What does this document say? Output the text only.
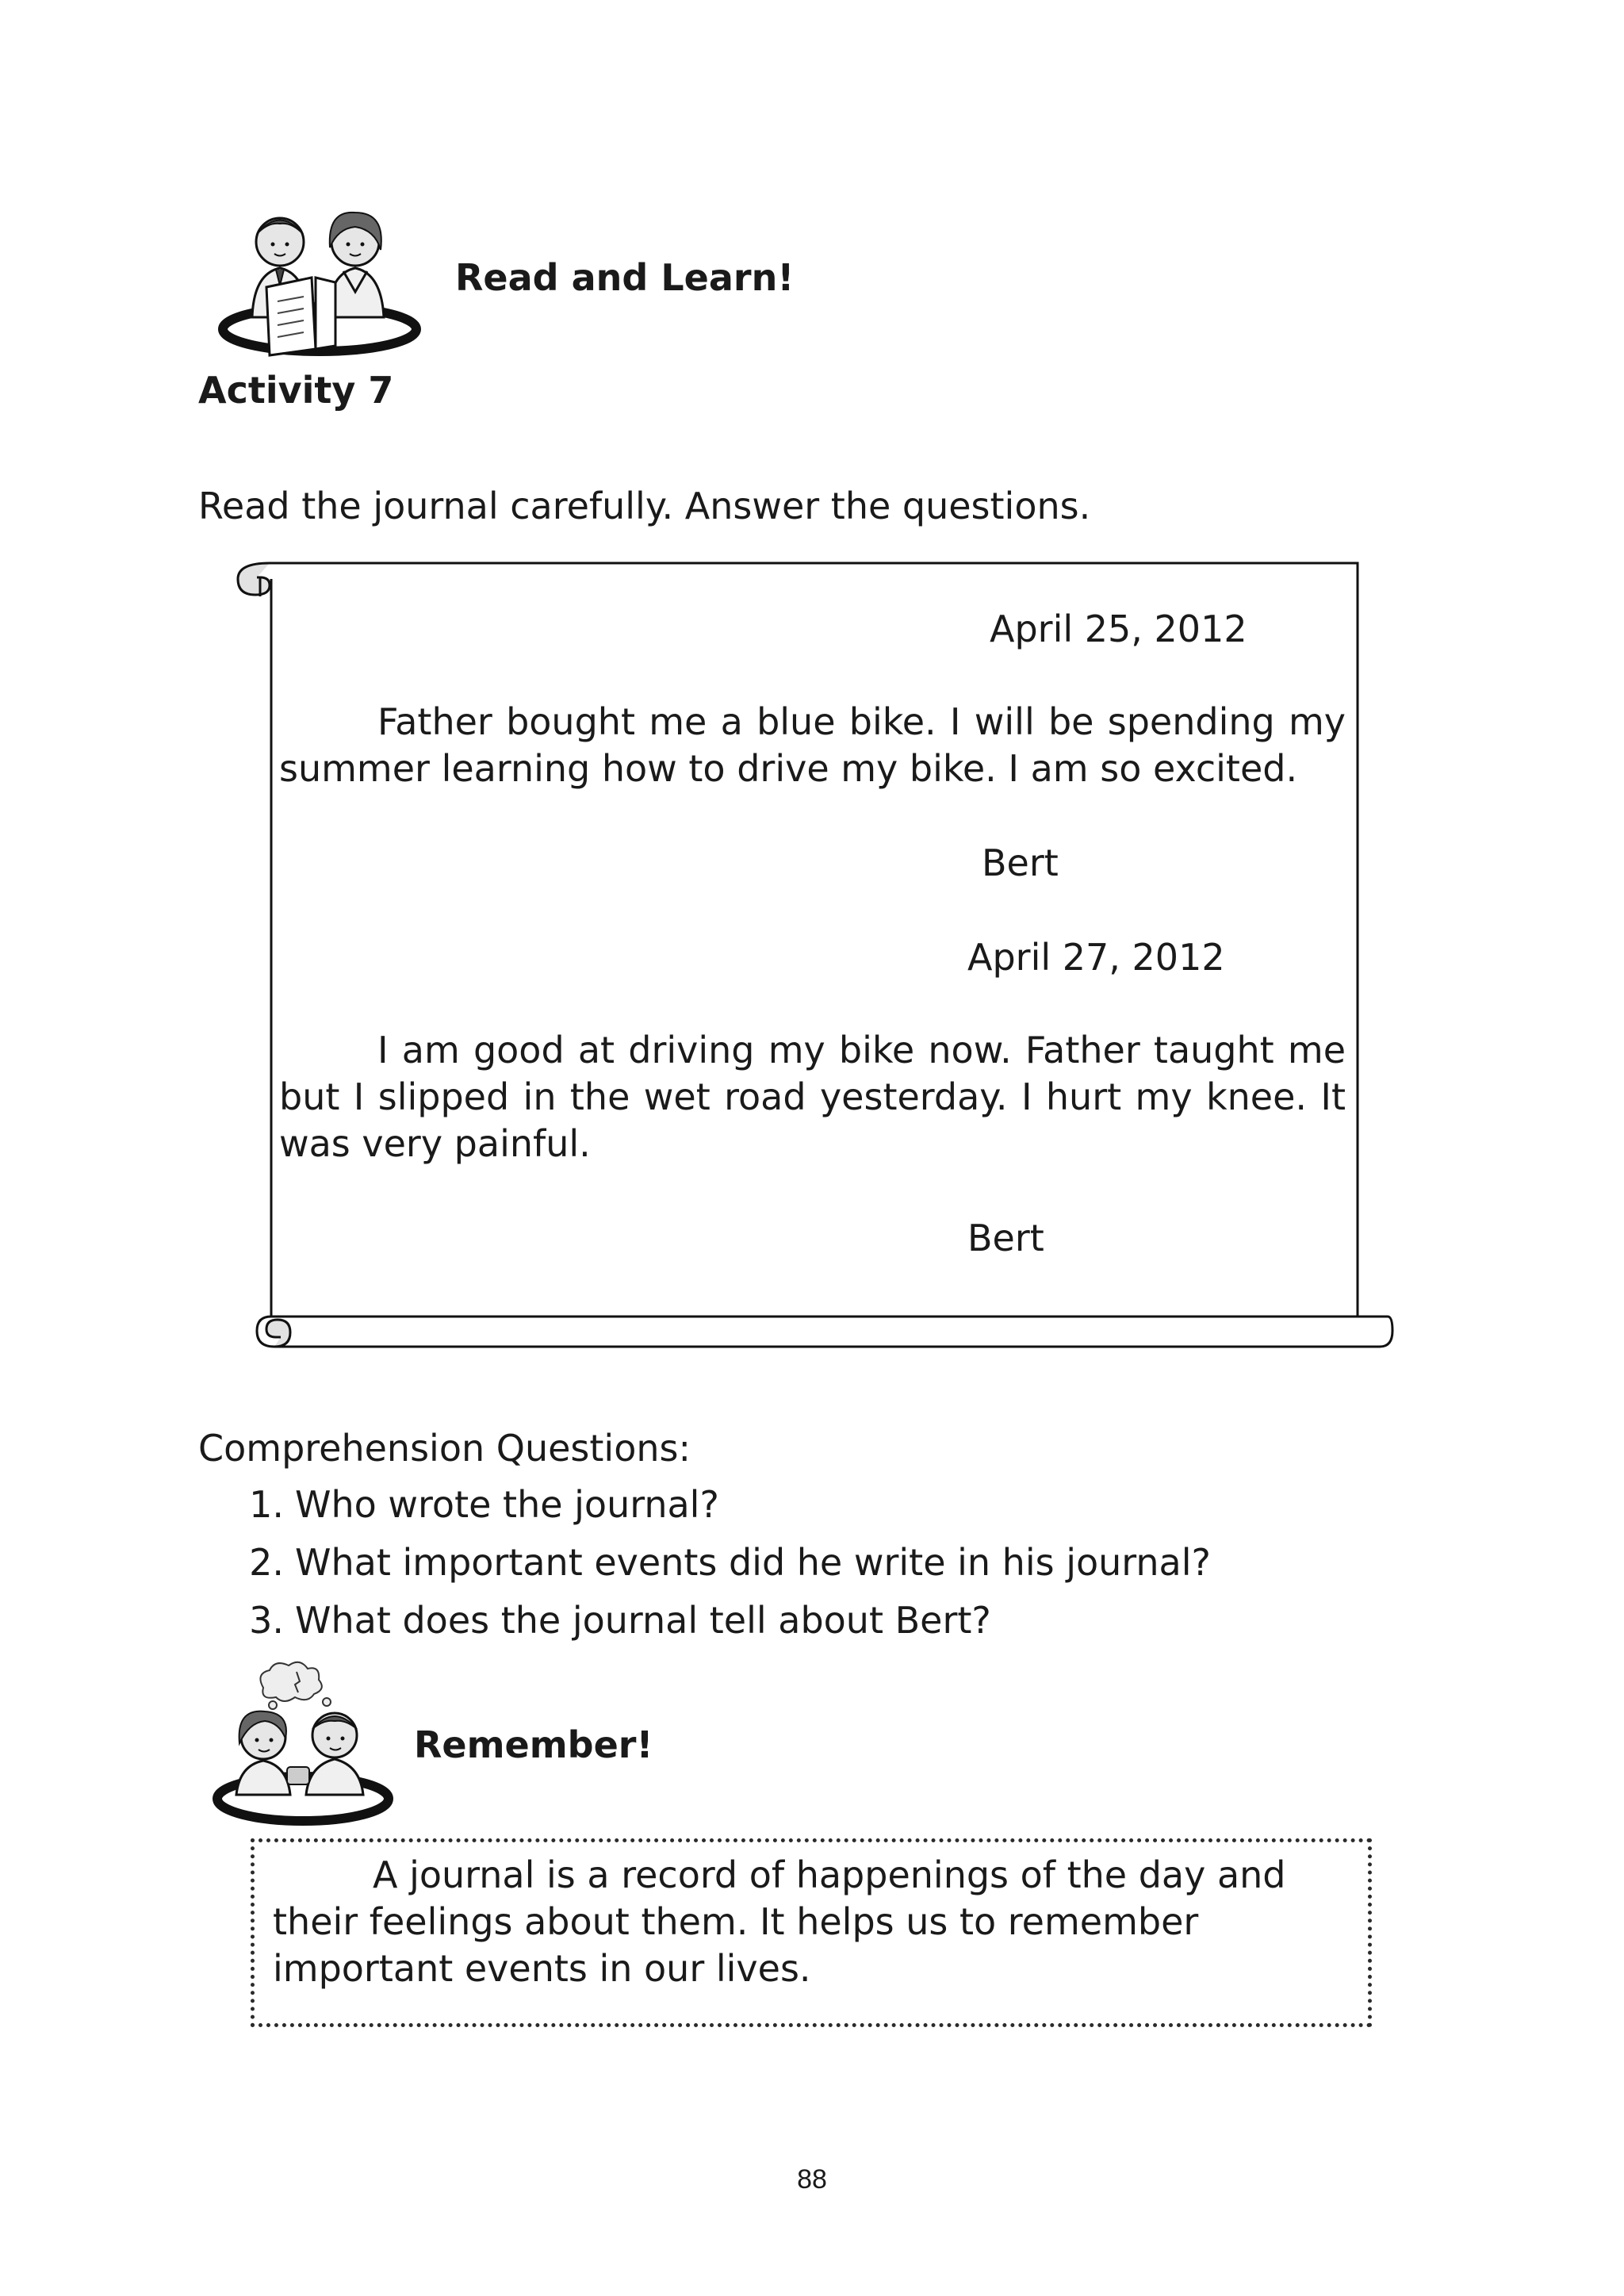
Read and Learn!
Activity 7
Read the journal carefully. Answer the questions.
April 25, 2012
Father bought me a blue bike. I will be spending my summer learning how to drive my bike. I am so excited.
Bert
April 27, 2012
I am good at driving my bike now. Father taught me but I slipped in the wet road yesterday. I hurt my knee. It was very painful.
Bert
Comprehension Questions:
1. Who wrote the journal?
2. What important events did he write in his journal?
3. What does the journal tell about Bert?
Remember!
A journal is a record of happenings of the day and their feelings about them. It helps us to remember important events in our lives.
88
